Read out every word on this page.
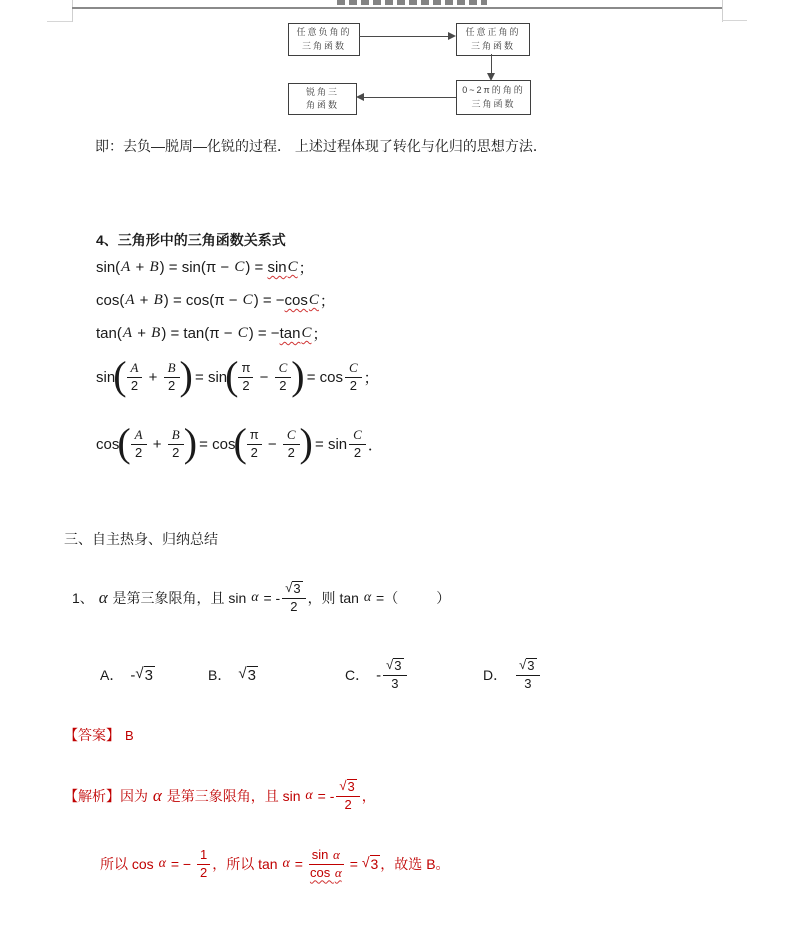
任意负角的
三角函数
任意正角的
三角函数
锐角三
角函数
0~2π的角的
三角函数
即：去负—脱周—化锐的过程． 上述过程体现了转化与化归的思想方法．
4、三角形中的三角函数关系式
sin( A + B ) = sin(π − C ) = sin C ；
cos( A + B ) = cos(π − C ) = − cos C ；
tan( A + B ) = tan(π − C ) = − tan C ；
sin
( $\frac{A}{2} + \frac{B}{2}$ )
= sin
( $\frac{\pi}{2} - \frac{C}{2}$ )
= $\cos \frac{C}{2}$ ；
cos
( $\frac{A}{2} + \frac{B}{2}$ )
= cos
( $\frac{\pi}{2} - \frac{C}{2}$ )
= $\sin \frac{C}{2}$ ．
三、自主热身、归纳总结
1、 α 是第三象限角，且 sin α = - $\frac{√ 3}{2}$ ，则 tan α =（	）
A． - √ 3	B． √ 3	C． - $\frac{√ 3}{3}$	D． $\frac{√ 3}{3}$
【答案】 B
【解析】因为 α 是第三象限角，且 sin α = - $\frac{√ 3}{2}$ ，
所以 cos α = − $\frac{1}{2}$ ，所以 $\tan \alpha = \frac{\text{sin α}}{\text{cos α}}$ = √ 3 ，故选 B。
